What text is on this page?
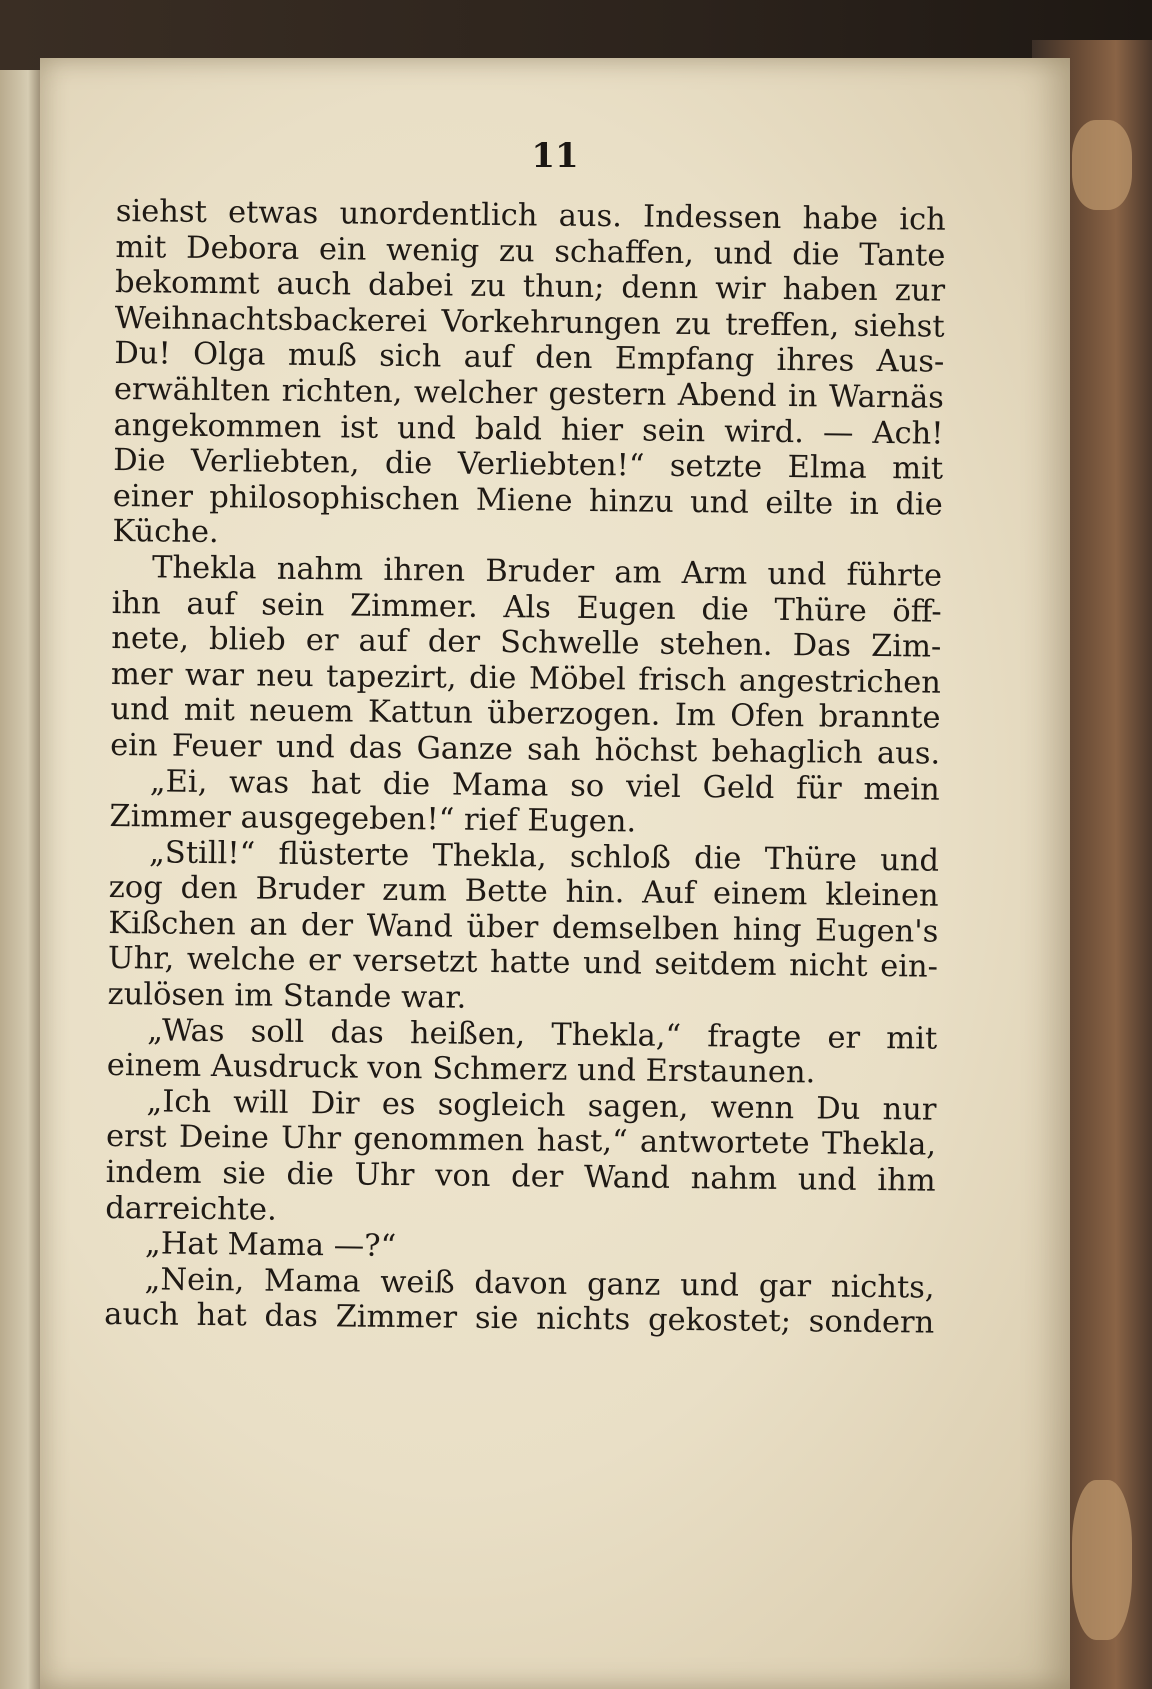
11
siehst etwas unordentlich aus. Indessen habe ich
mit Debora ein wenig zu schaffen, und die Tante
bekommt auch dabei zu thun; denn wir haben zur
Weihnachtsbackerei Vorkehrungen zu treffen, siehst
Du! Olga muß sich auf den Empfang ihres Aus-
erwählten richten, welcher gestern Abend in Warnäs
angekommen ist und bald hier sein wird. — Ach!
Die Verliebten, die Verliebten!“ setzte Elma mit
einer philosophischen Miene hinzu und eilte in die
Küche.
Thekla nahm ihren Bruder am Arm und führte
ihn auf sein Zimmer. Als Eugen die Thüre öff-
nete, blieb er auf der Schwelle stehen. Das Zim-
mer war neu tapezirt, die Möbel frisch angestrichen
und mit neuem Kattun überzogen. Im Ofen brannte
ein Feuer und das Ganze sah höchst behaglich aus.
„Ei, was hat die Mama so viel Geld für mein
Zimmer ausgegeben!“ rief Eugen.
„Still!“ flüsterte Thekla, schloß die Thüre und
zog den Bruder zum Bette hin. Auf einem kleinen
Kißchen an der Wand über demselben hing Eugen's
Uhr, welche er versetzt hatte und seitdem nicht ein-
zulösen im Stande war.
„Was soll das heißen, Thekla,“ fragte er mit
einem Ausdruck von Schmerz und Erstaunen.
„Ich will Dir es sogleich sagen, wenn Du nur
erst Deine Uhr genommen hast,“ antwortete Thekla,
indem sie die Uhr von der Wand nahm und ihm
darreichte.
„Hat Mama —?“
„Nein, Mama weiß davon ganz und gar nichts,
auch hat das Zimmer sie nichts gekostet; sondern
